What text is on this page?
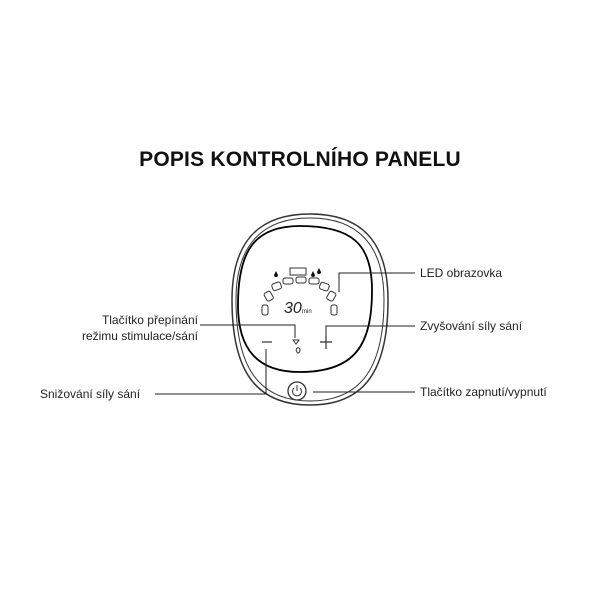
POPIS KONTROLNÍHO PANELU
30 min
LED obrazovka
Zvyšování síly sání
Tlačítko přepínání
režimu stimulace/sání
Snižování síly sání	Tlačítko zapnutí/vypnutí
